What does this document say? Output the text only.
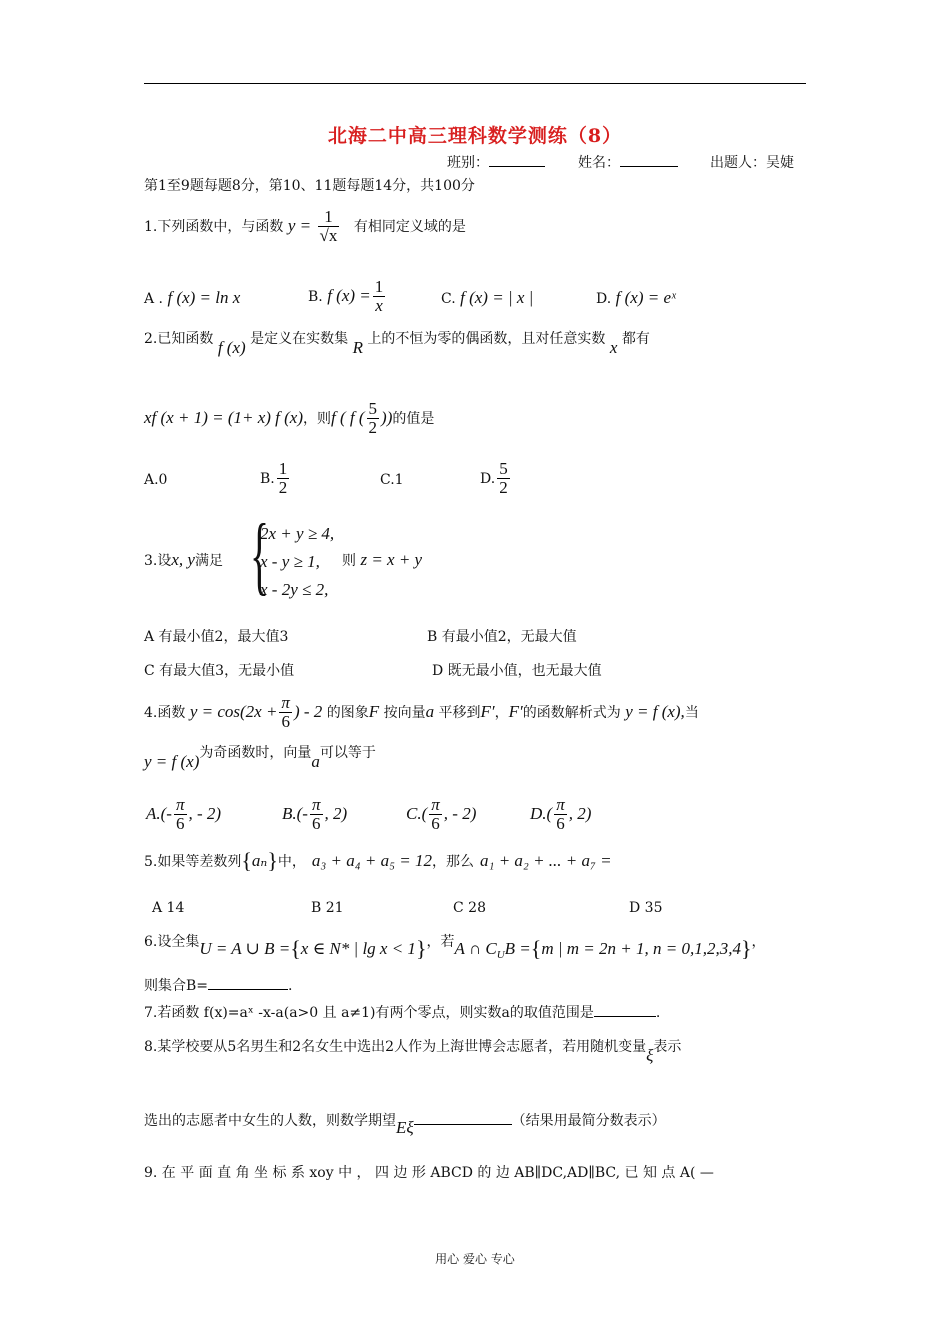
北海二中高三理科数学测练（8）
班别：	姓名：	出题人：吴婕
第1至9题每题8分，第10、11题每题14分，共100分
1.下列函数中，与函数 $y = \frac{1}{√x}$ 有相同定义域的是
A . f (x) = ln x	B. f $(x) = \frac{1}{x}$	C. f (x) = | x |	D. f (x) = eˣ
2.已知函数 f (x) 是定义在实数集 R 上的不恒为零的偶函数，且对任意实数 x 都有
xf (x + 1) = (1+ x) f (x)，则f ( f ( $\frac{5}{2}$ ))的值是
A.0	B. $\frac{1}{2}$	C.1	D. $\frac{5}{2}$
3.设x, y满足 {
2x + y ≥ 4,
x - y ≥ 1,
x - 2y ≤ 2,
则 z = x + y
A 有最小值2，最大值3	B 有最小值2，无最大值
C 有最大值3，无最小值	D 既无最小值，也无最大值
4.函数 $y = \cos(2x + \frac{\pi}{6}$ ) - 2 的图象F 按向量a 平移到F′，F′的函数解析式为 y = f (x),当
y = f (x)为奇函数时，向量a可以等于
$A.(- \frac{\pi}{6}$ , - 2)	$B.(- \frac{\pi}{6}$ , 2)	$C.( \frac{\pi}{6}$ , - 2)	$D.( \frac{\pi}{6}$ , 2)
5.如果等差数列{aₙ}中， a₃ + a₄ + a₅ = 12，那么 a₁ + a₂ + ... + a₇ =
A 14	B 21	C 28	D 35
6.设全集U = A ∪ B ={x ∈ N* | lg x < 1}，若A ∩ $C_UB =\{m$ | m = 2n + 1, n = 0,1,2,3,4}，
则集合B=	.
7.若函数 f(x)=aˣ -x-a(a>0 且 a≠1)有两个零点，则实数a的取值范围是	.
8.某学校要从5名男生和2名女生中选出2人作为上海世博会志愿者，若用随机变量ξ表示
选出的志愿者中女生的人数，则数学期望Eξ	（结果用最简分数表示）
9. 在 平 面 直 角 坐 标 系 xoy 中 ， 四 边 形 ABCD 的 边 AB∥DC,AD∥BC, 已 知 点 A( —
用心 爱心 专心
